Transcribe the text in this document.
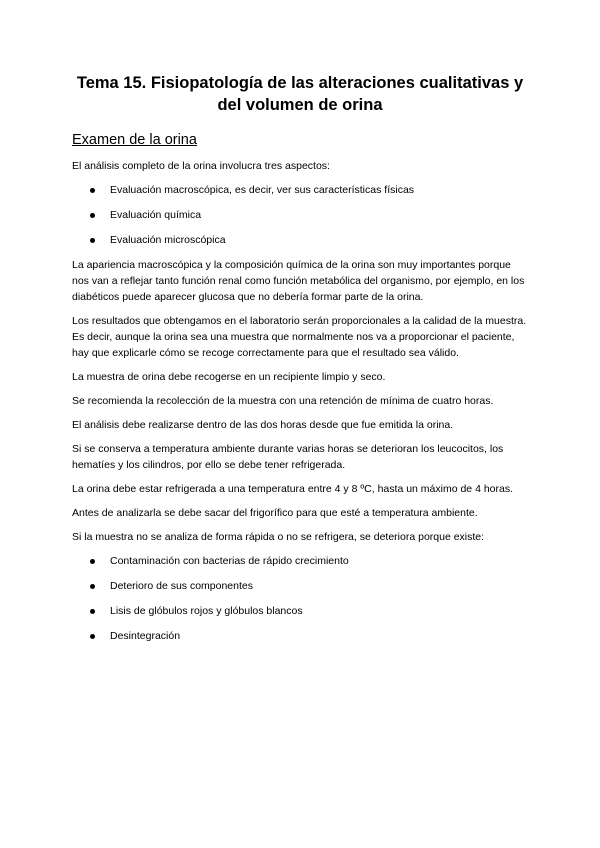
Tema 15. Fisiopatología de las alteraciones cualitativas y del volumen de orina
Examen de la orina

El análisis completo de la orina involucra tres aspectos:

Evaluación macroscópica, es decir, ver sus características físicas
Evaluación química
Evaluación microscópica

La apariencia macroscópica y la composición química de la orina son muy importantes porque nos van a reflejar tanto función renal como función metabólica del organismo, por ejemplo, en los diabéticos puede aparecer glucosa que no debería formar parte de la orina.

Los resultados que obtengamos en el laboratorio serán proporcionales a la calidad de la muestra. Es decir, aunque la orina sea una muestra que normalmente nos va a proporcionar el paciente, hay que explicarle cómo se recoge correctamente para que el resultado sea válido.

La muestra de orina debe recogerse en un recipiente limpio y seco.

Se recomienda la recolección de la muestra con una retención de mínima de cuatro horas.

El análisis debe realizarse dentro de las dos horas desde que fue emitida la orina.

Si se conserva a temperatura ambiente durante varias horas se deterioran los leucocitos, los hematíes y los cilindros, por ello se debe tener refrigerada.

La orina debe estar refrigerada a una temperatura entre 4 y 8 ºC, hasta un máximo de 4 horas.

Antes de analizarla se debe sacar del frigorífico para que esté a temperatura ambiente.

Si la muestra no se analiza de forma rápida o no se refrigera, se deteriora porque existe:

Contaminación con bacterias de rápido crecimiento
Deterioro de sus componentes
Lisis de glóbulos rojos y glóbulos blancos
Desintegración
